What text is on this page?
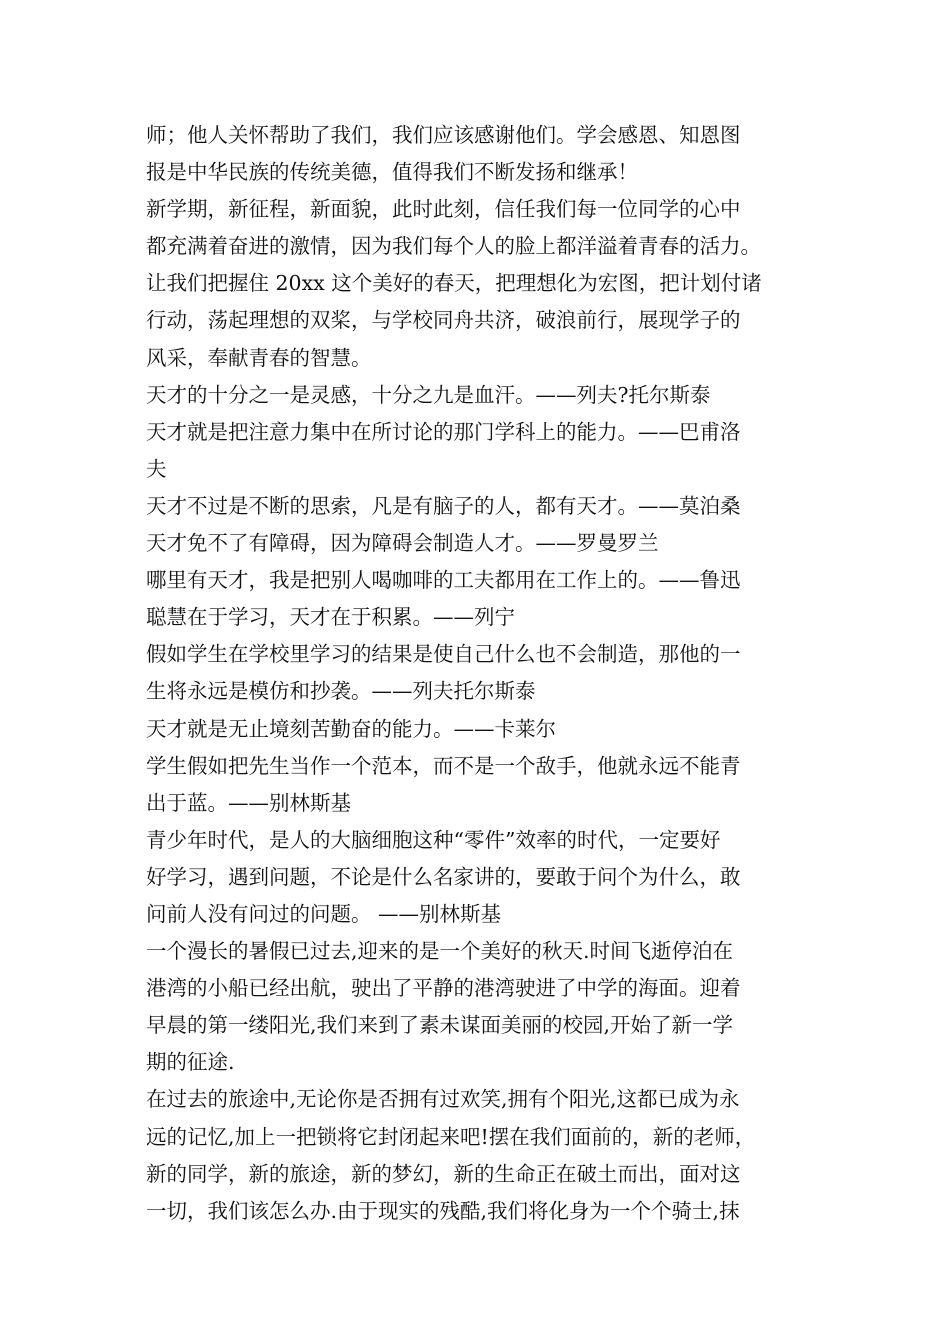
师；他人关怀帮助了我们，我们应该感谢他们。学会感恩、知恩图
报是中华民族的传统美德，值得我们不断发扬和继承！
新学期，新征程，新面貌，此时此刻，信任我们每一位同学的心中
都充满着奋进的激情，因为我们每个人的脸上都洋溢着青春的活力。
让我们把握住 20xx 这个美好的春天，把理想化为宏图，把计划付诸
行动，荡起理想的双桨，与学校同舟共济，破浪前行，展现学子的
风采，奉献青春的智慧。
天才的十分之一是灵感，十分之九是血汗。——列夫?托尔斯泰
天才就是把注意力集中在所讨论的那门学科上的能力。——巴甫洛
夫
天才不过是不断的思索，凡是有脑子的人，都有天才。——莫泊桑
天才免不了有障碍，因为障碍会制造人才。——罗曼罗兰
哪里有天才，我是把别人喝咖啡的工夫都用在工作上的。——鲁迅
聪慧在于学习，天才在于积累。——列宁
假如学生在学校里学习的结果是使自己什么也不会制造，那他的一
生将永远是模仿和抄袭。——列夫托尔斯泰
天才就是无止境刻苦勤奋的能力。——卡莱尔
学生假如把先生当作一个范本，而不是一个敌手，他就永远不能青
出于蓝。——别林斯基
青少年时代，是人的大脑细胞这种“零件”效率的时代，一定要好
好学习，遇到问题，不论是什么名家讲的，要敢于问个为什么，敢
问前人没有问过的问题。 ——别林斯基
一个漫长的暑假已过去,迎来的是一个美好的秋天.时间飞逝停泊在
港湾的小船已经出航，驶出了平静的港湾驶进了中学的海面。迎着
早晨的第一缕阳光,我们来到了素未谋面美丽的校园,开始了新一学
期的征途.
在过去的旅途中,无论你是否拥有过欢笑,拥有个阳光,这都已成为永
远的记忆,加上一把锁将它封闭起来吧!摆在我们面前的，新的老师，
新的同学，新的旅途，新的梦幻，新的生命正在破土而出，面对这
一切，我们该怎么办.由于现实的残酷,我们将化身为一个个骑士,抹
